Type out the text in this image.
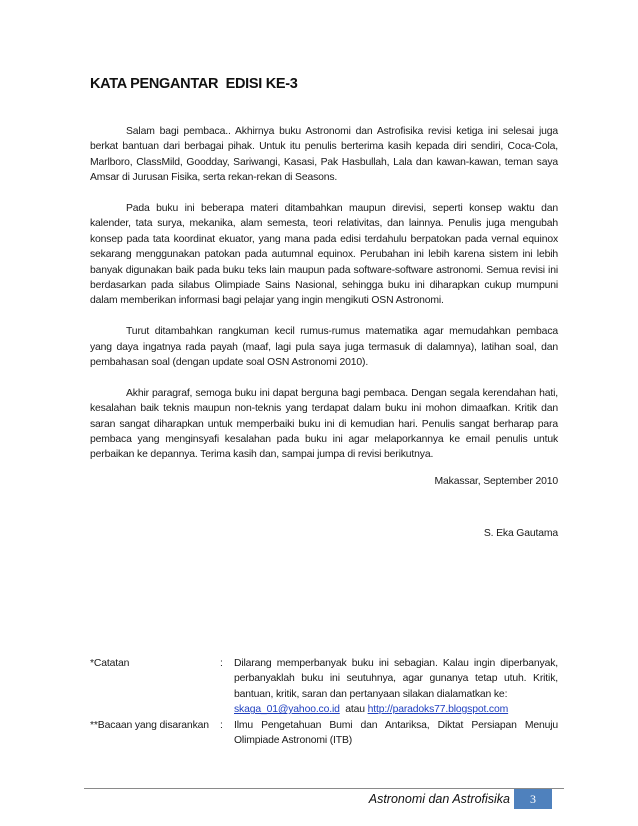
KATA PENGANTAR  EDISI KE-3

Salam bagi pembaca.. Akhirnya buku Astronomi dan Astrofisika revisi ketiga ini selesai juga berkat bantuan dari berbagai pihak. Untuk itu penulis berterima kasih kepada diri sendiri, Coca-Cola, Marlboro, ClassMild, Goodday, Sariwangi, Kasasi, Pak Hasbullah, Lala dan kawan-kawan, teman saya Amsar di Jurusan Fisika, serta rekan-rekan di Seasons.

Pada buku ini beberapa materi ditambahkan maupun direvisi, seperti konsep waktu dan kalender, tata surya, mekanika, alam semesta, teori relativitas, dan lainnya. Penulis juga mengubah konsep pada tata koordinat ekuator, yang mana pada edisi terdahulu berpatokan pada vernal equinox sekarang menggunakan patokan pada autumnal equinox. Perubahan ini lebih karena sistem ini lebih banyak digunakan baik pada buku teks lain maupun pada software-software astronomi. Semua revisi ini berdasarkan pada silabus Olimpiade Sains Nasional, sehingga buku ini diharapkan cukup mumpuni dalam memberikan informasi bagi pelajar yang ingin mengikuti OSN Astronomi.

Turut ditambahkan rangkuman kecil rumus-rumus matematika agar memudahkan pembaca yang daya ingatnya rada payah (maaf, lagi pula saya juga termasuk di dalamnya), latihan soal, dan pembahasan soal (dengan update soal OSN Astronomi 2010).

Akhir paragraf, semoga buku ini dapat berguna bagi pembaca. Dengan segala kerendahan hati, kesalahan baik teknis maupun non-teknis yang terdapat dalam buku ini mohon dimaafkan. Kritik dan saran sangat diharapkan untuk memperbaiki buku ini di kemudian hari. Penulis sangat berharap para pembaca yang menginsyafi kesalahan pada buku ini agar melaporkannya ke email penulis untuk perbaikan ke depannya. Terima kasih dan, sampai jumpa di revisi berikutnya.

Makassar, September 2010
S. Eka Gautama
*Catatan	:	Dilarang memperbanyak buku ini sebagian. Kalau ingin diperbanyak, perbanyaklah buku ini seutuhnya, agar gunanya tetap utuh. Kritik, bantuan, kritik, saran dan pertanyaan silakan dialamatkan ke:
skaga_01@yahoo.co.id atau http://paradoks77.blogspot.com
**Bacaan yang disarankan	:	Ilmu Pengetahuan Bumi dan Antariksa, Diktat Persiapan Menuju Olimpiade Astronomi (ITB)
Astronomi dan Astrofisika	3
